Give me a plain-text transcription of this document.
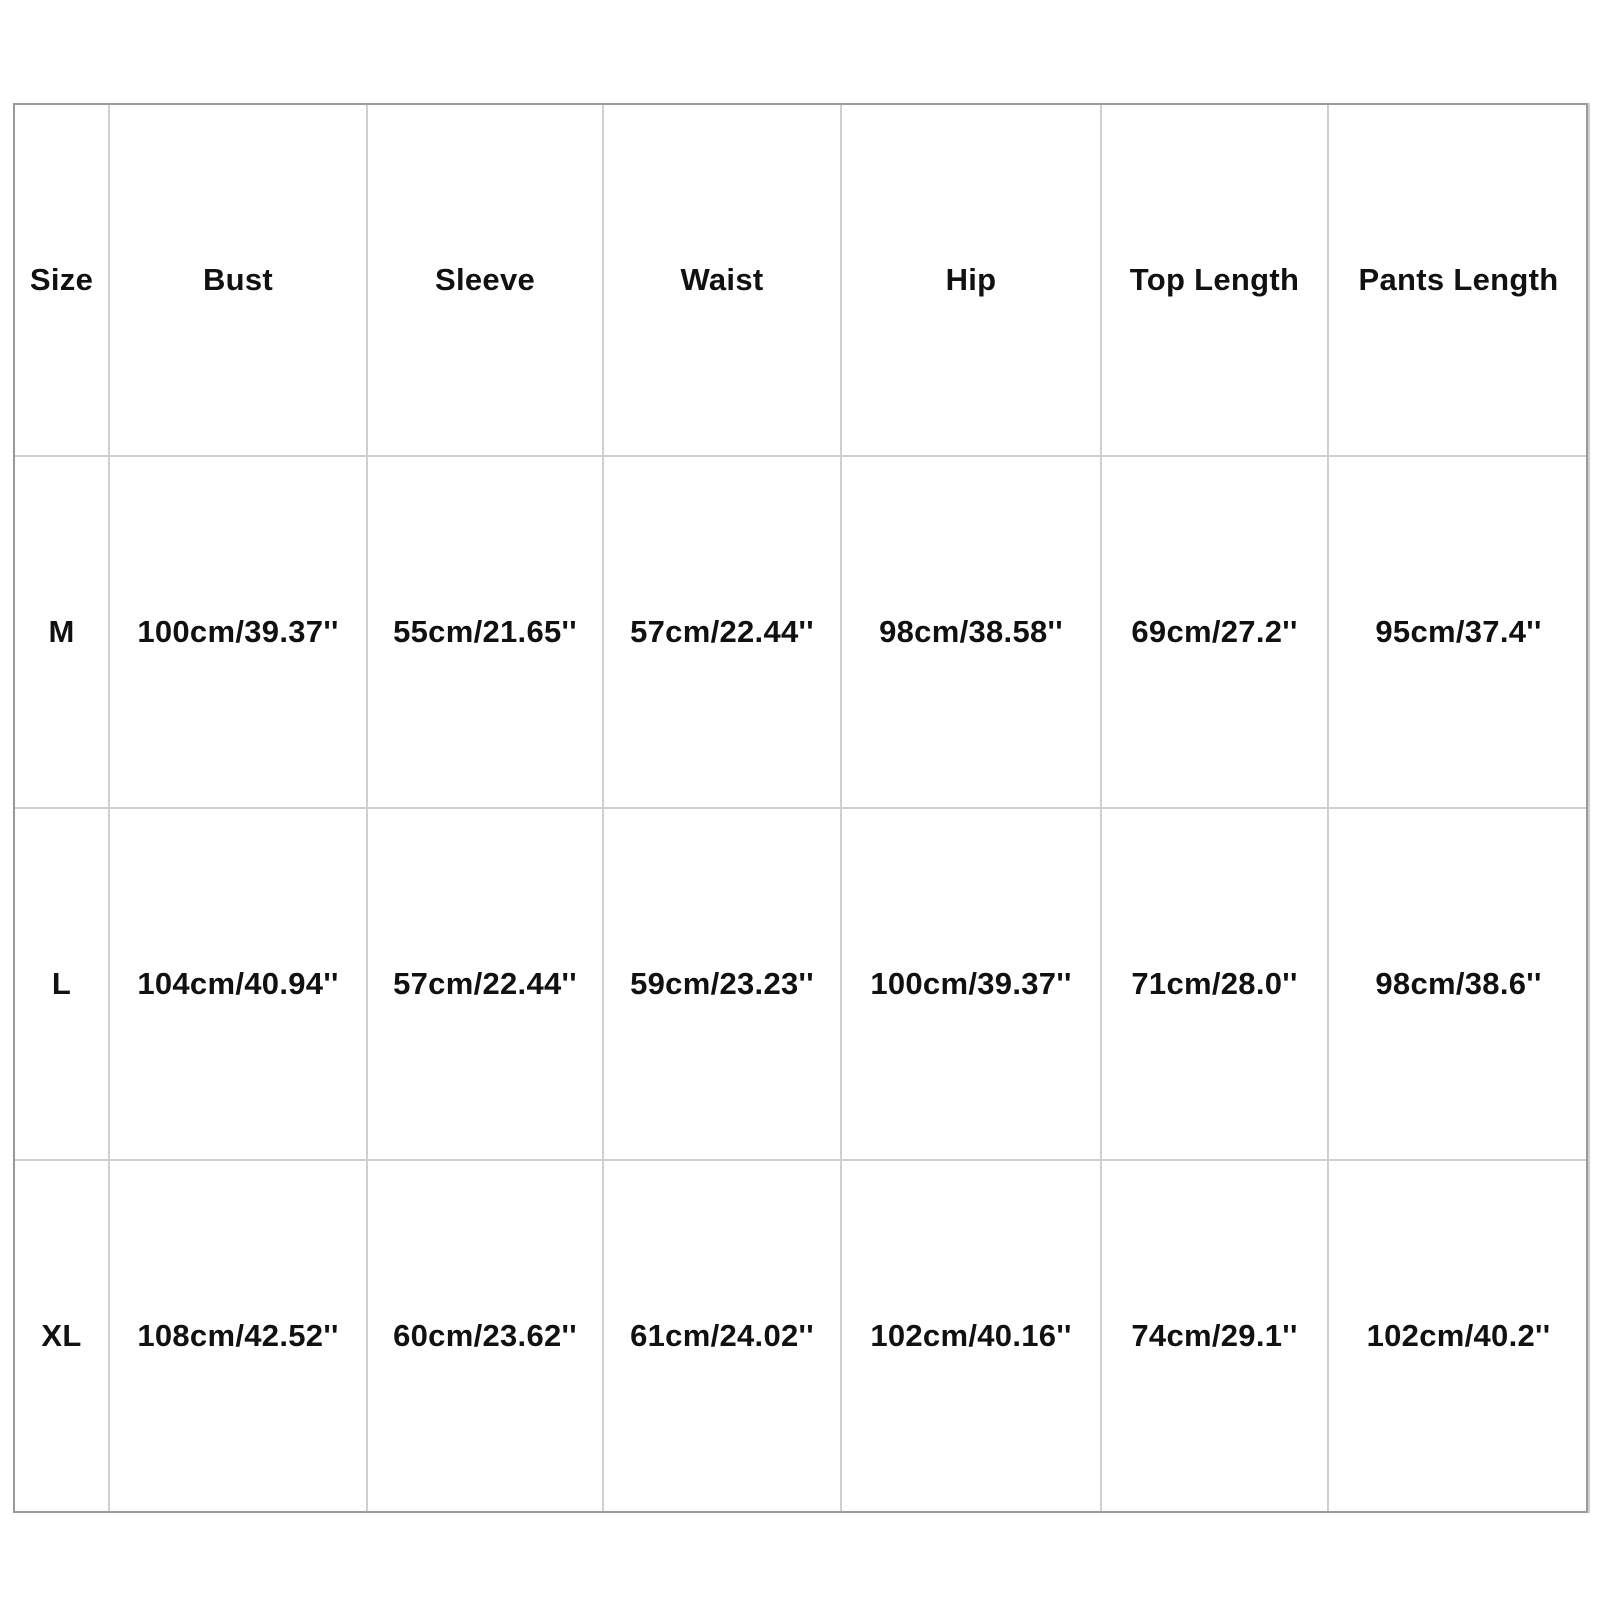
Size	Bust	Sleeve	Waist	Hip	Top Length	Pants Length
M	100cm/39.37''	55cm/21.65''	57cm/22.44''	98cm/38.58''	69cm/27.2''	95cm/37.4''
L	104cm/40.94''	57cm/22.44''	59cm/23.23''	100cm/39.37''	71cm/28.0''	98cm/38.6''
XL	108cm/42.52''	60cm/23.62''	61cm/24.02''	102cm/40.16''	74cm/29.1''	102cm/40.2''
